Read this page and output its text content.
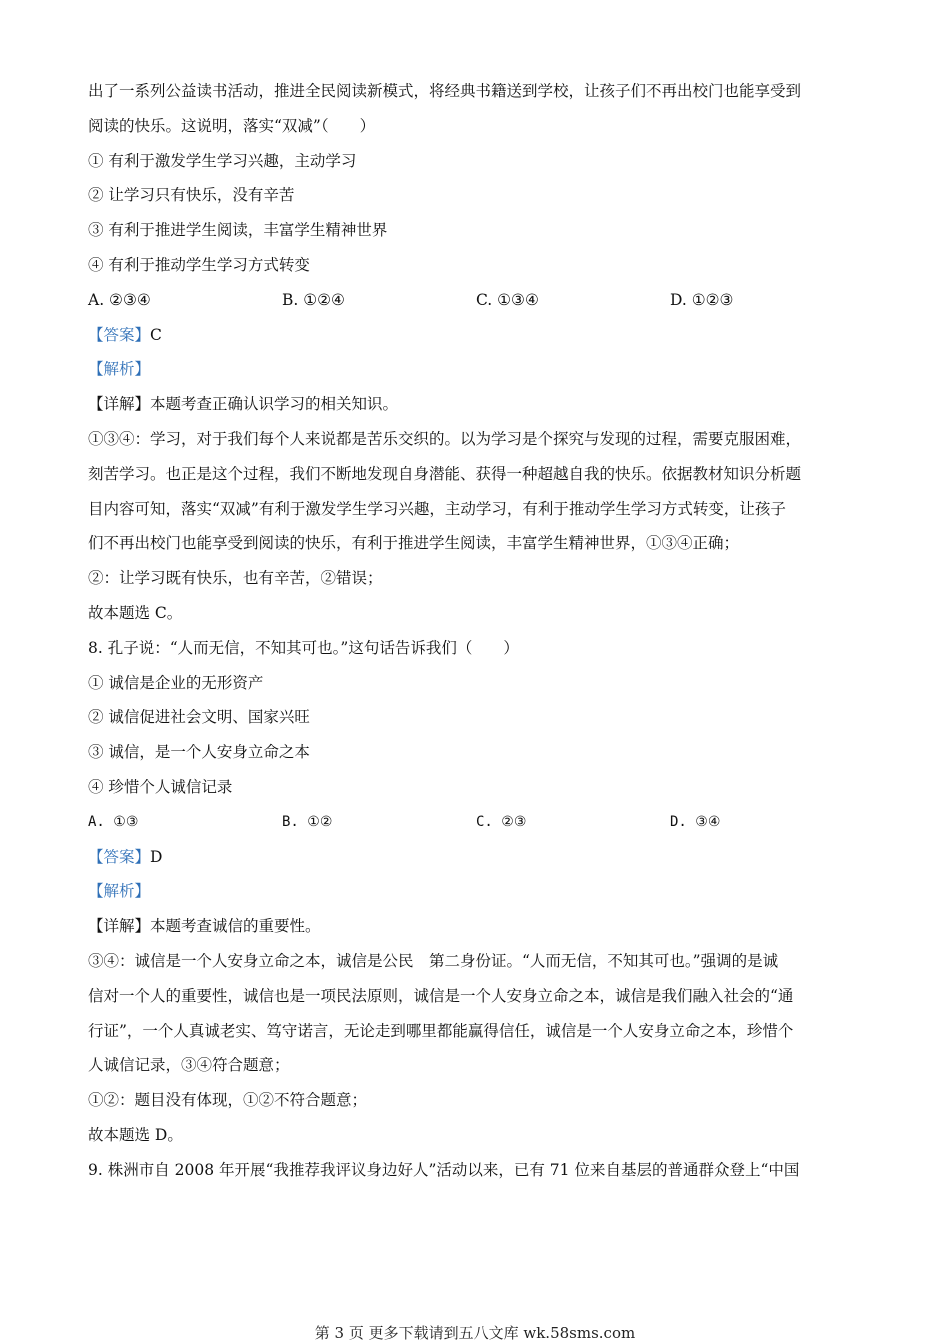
出了一系列公益读书活动，推进全民阅读新模式，将经典书籍送到学校，让孩子们不再出校门也能享受到
阅读的快乐。这说明，落实“双减”（　　）
① 有利于激发学生学习兴趣，主动学习
② 让学习只有快乐，没有辛苦
③ 有利于推进学生阅读，丰富学生精神世界
④ 有利于推动学生学习方式转变
A. ②③④	B. ①②④	C. ①③④	D. ①②③
【答案】C
【解析】
【详解】本题考查正确认识学习的相关知识。
①③④：学习，对于我们每个人来说都是苦乐交织的。以为学习是个探究与发现的过程，需要克服困难，
刻苦学习。也正是这个过程，我们不断地发现自身潜能、获得一种超越自我的快乐。依据教材知识分析题
目内容可知，落实“双减”有利于激发学生学习兴趣，主动学习，有利于推动学生学习方式转变，让孩子
们不再出校门也能享受到阅读的快乐，有利于推进学生阅读，丰富学生精神世界，①③④正确；
②：让学习既有快乐，也有辛苦，②错误；
故本题选 C。
8. 孔子说：“人而无信，不知其可也。”这句话告诉我们（　　）
① 诚信是企业的无形资产
② 诚信促进社会文明、国家兴旺
③ 诚信，是一个人安身立命之本
④ 珍惜个人诚信记录
A. ①③	B. ①②	C. ②③	D. ③④
【答案】D
【解析】
【详解】本题考查诚信的重要性。
③④：诚信是一个人安身立命之本，诚信是公民　第二身份证。“人而无信，不知其可也。”强调的是诚
信对一个人的重要性，诚信也是一项民法原则，诚信是一个人安身立命之本，诚信是我们融入社会的“通
行证”，一个人真诚老实、笃守诺言，无论走到哪里都能赢得信任，诚信是一个人安身立命之本，珍惜个
人诚信记录，③④符合题意；
①②：题目没有体现，①②不符合题意；
故本题选 D。
9. 株洲市自 2008 年开展“我推荐我评议身边好人”活动以来，已有 71 位来自基层的普通群众登上“中国
第 3 页 更多下载请到五八文库 wk.58sms.com
